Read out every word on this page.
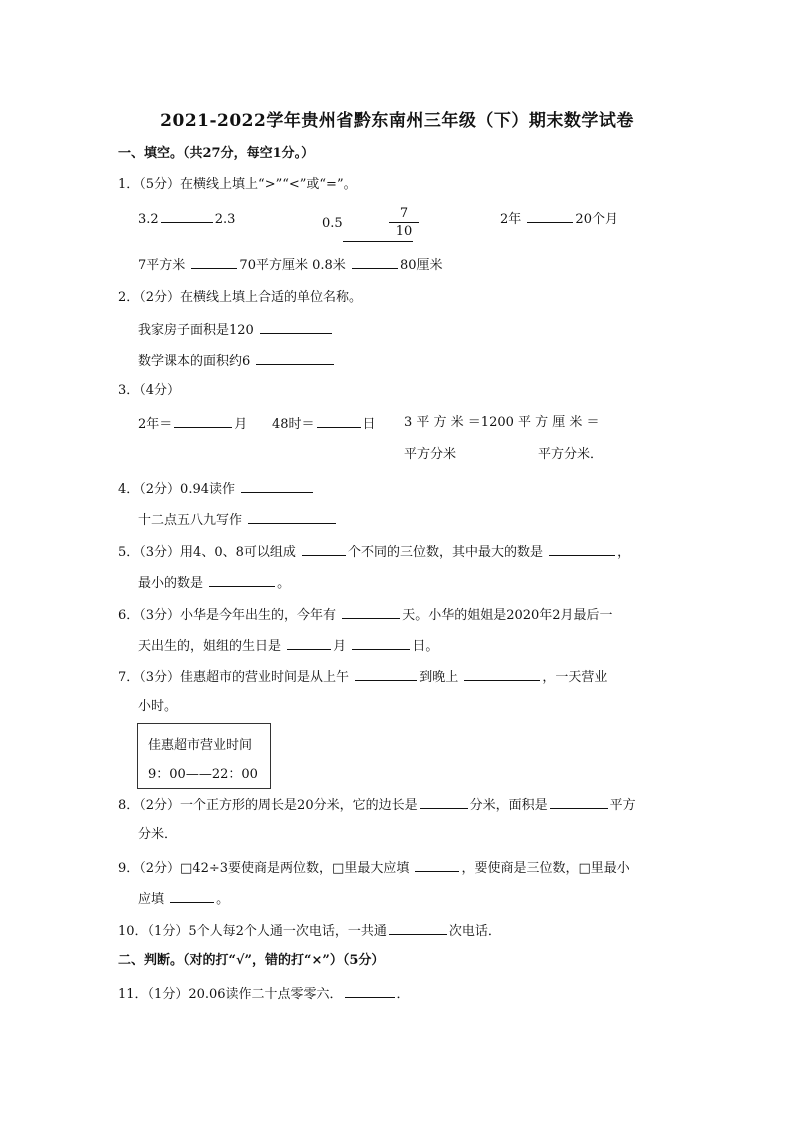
2021-2022学年贵州省黔东南州三年级（下）期末数学试卷
一、填空。（共27分，每空1分。）
1．（5分）在横线上填上“>”“<”或“=”。
3.2	2.3	0.5
7
10
2年	20个月
7平方米	70平方厘米 0.8米	80厘米
2．（2分）在横线上填上合适的单位名称。
我家房子面积是120
数学课本的面积约6
3．（4分）
2年＝	月 48时＝	日 3 平 方 米 ＝1200 平 方 厘 米 ＝
平方分米	平方分米．
4．（2分）0.94读作
十二点五八九写作
5．（3分）用4、0、8可以组成	个不同的三位数，其中最大的数是	，
最小的数是	。
6．（3分）小华是今年出生的，今年有	天。小华的姐姐是2020年2月最后一
天出生的，姐组的生日是	月	日。
7．（3分）佳惠超市的营业时间是从上午	到晚上	，一天营业
小时。
佳惠超市营业时间
9：00——22：00
8．（2分）一个正方形的周长是20分米，它的边长是	分米，面积是	平方
分米．
9．（2分）□42÷3要使商是两位数，□里最大应填	，要使商是三位数，□里最小
应填	。
10．（1分）5个人每2个人通一次电话，一共通	次电话．
二、判断。（对的打“√”，错的打“×”）（5分）
11．（1分）20.06读作二十点零零六．	．
